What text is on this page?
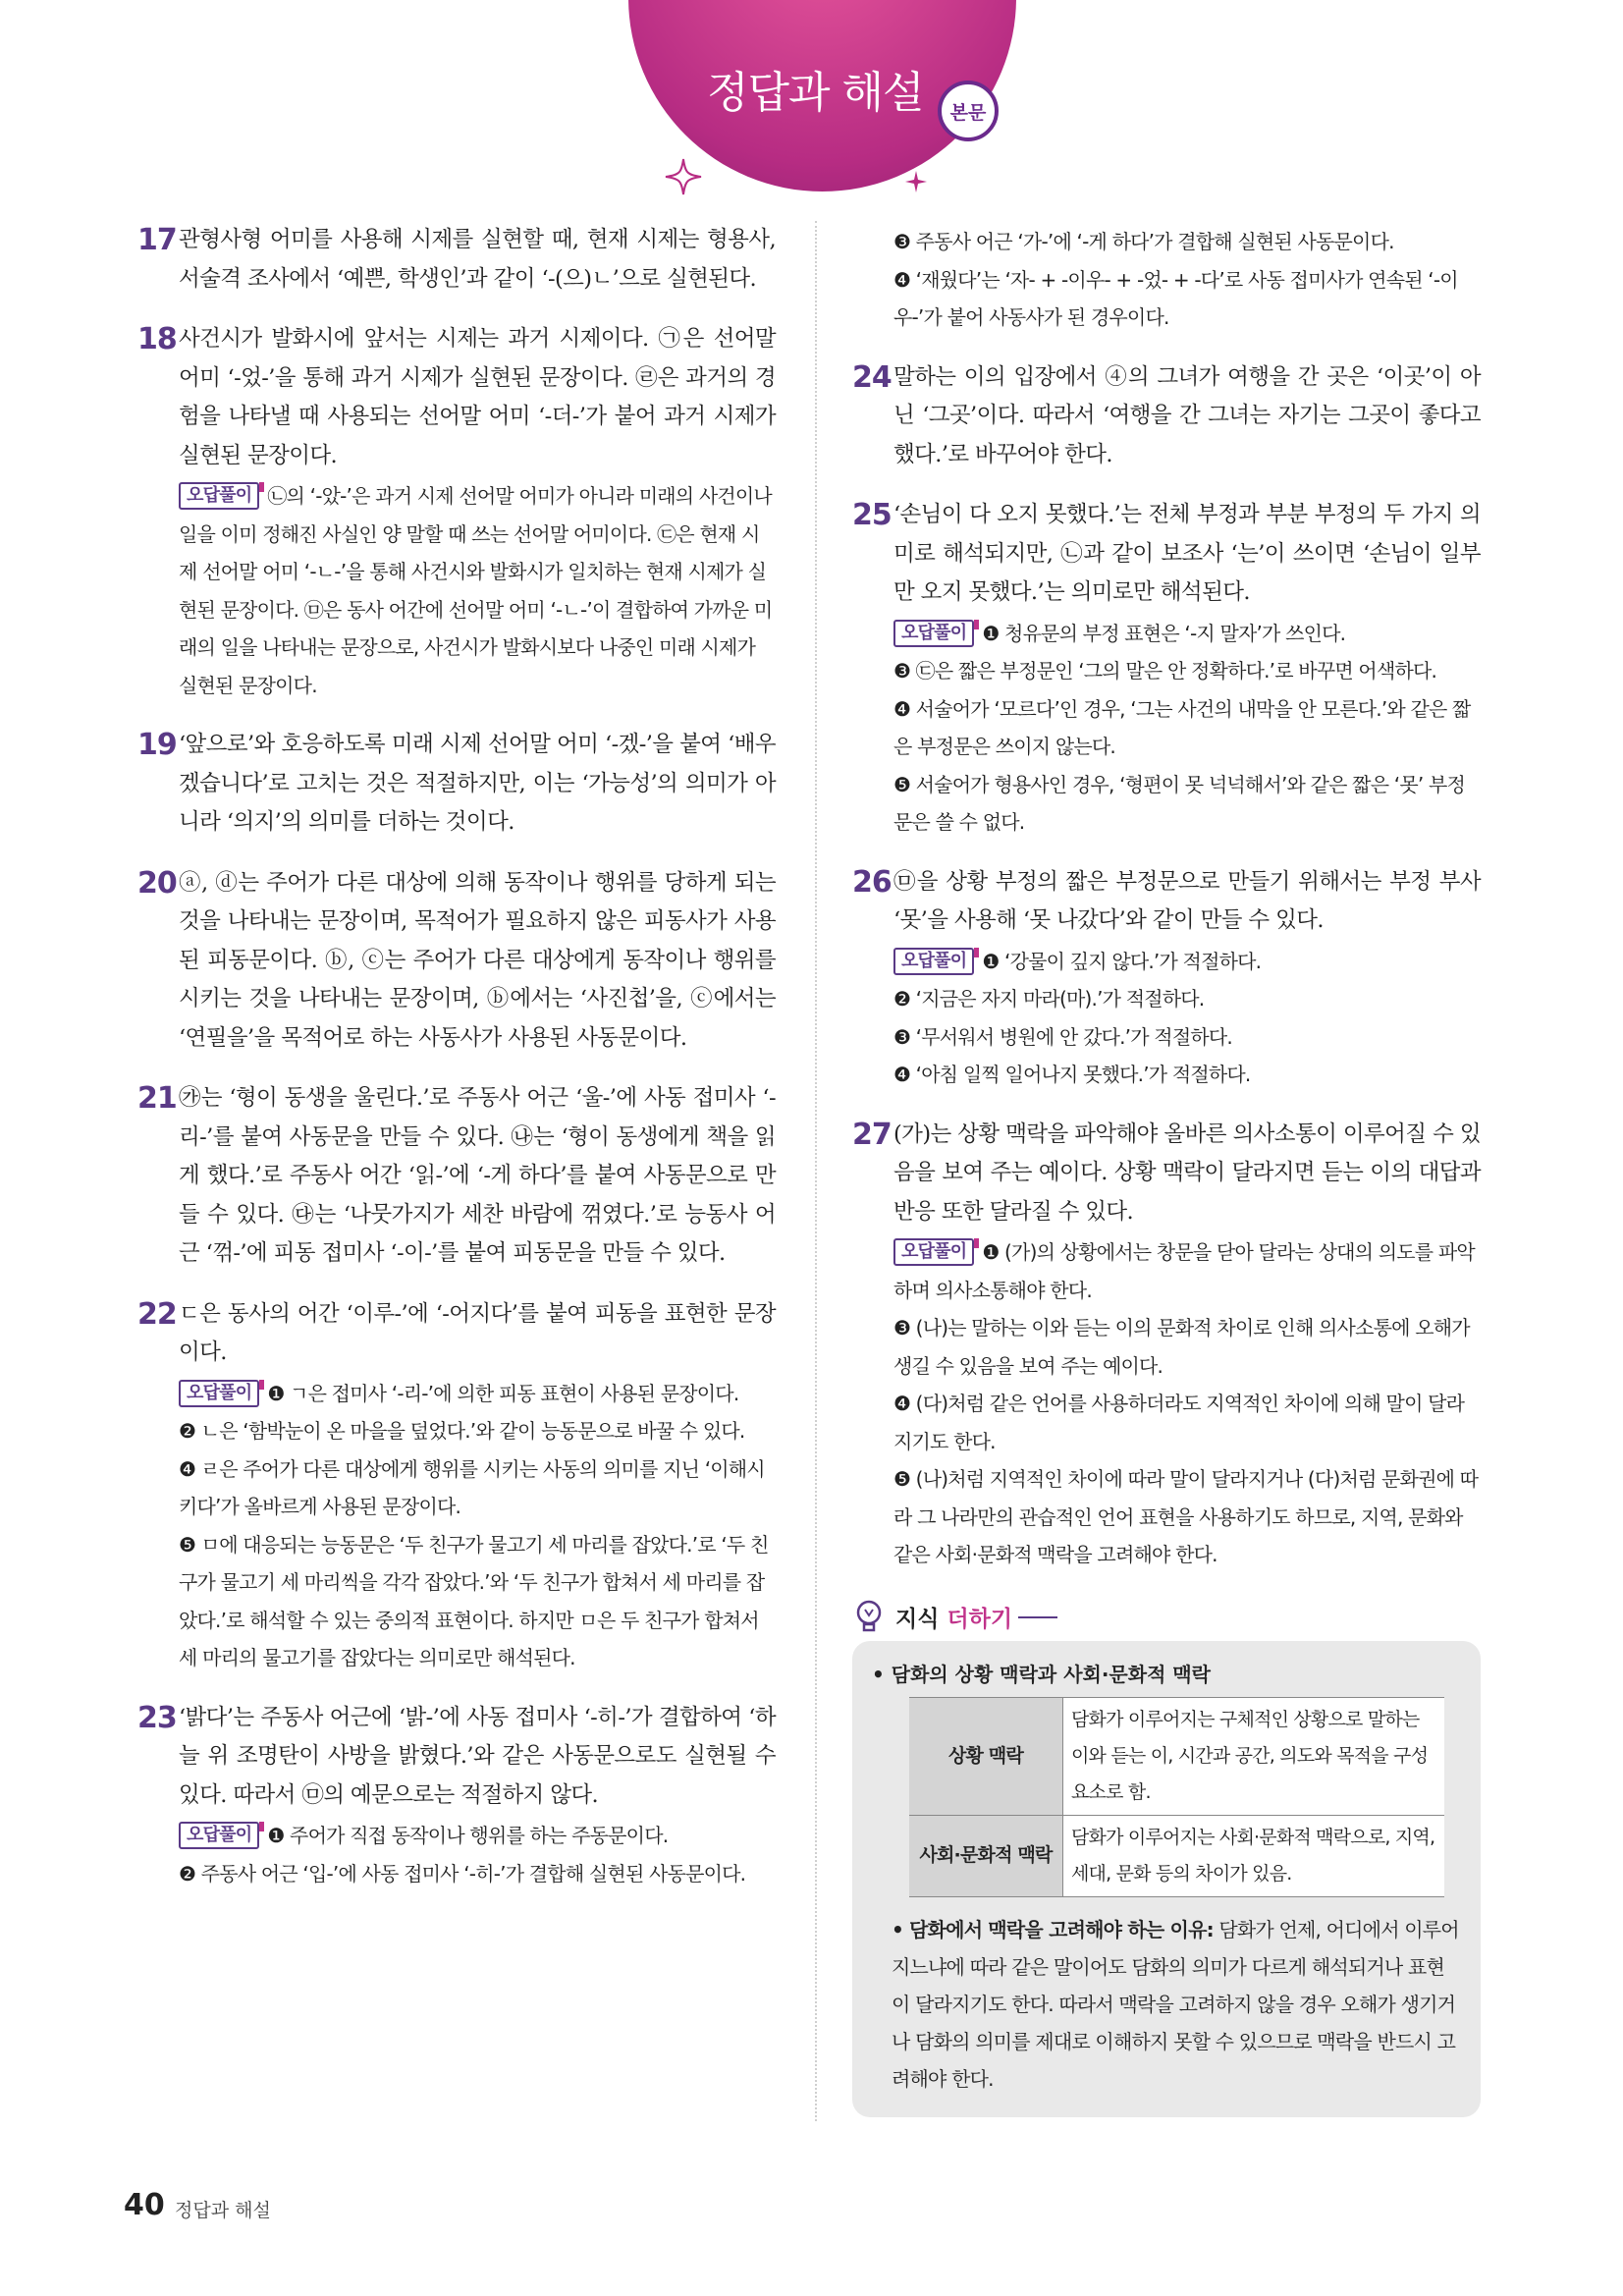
정답과 해설	본문
17 관형사형 어미를 사용해 시제를 실현할 때, 현재 시제는 형용사, 서술격 조사에서 ‘예쁜, 학생인’과 같이 ‘-(으)ㄴ’으로 실현된다.
18 사건시가 발화시에 앞서는 시제는 과거 시제이다. ㉠은 선어말 어미 ‘-었-’을 통해 과거 시제가 실현된 문장이다. ㉣은 과거의 경험을 나타낼 때 사용되는 선어말 어미 ‘-더-’가 붙어 과거 시제가 실현된 문장이다.

오답풀이 ㉡의 ‘-았-’은 과거 시제 선어말 어미가 아니라 미래의 사건이나 일을 이미 정해진 사실인 양 말할 때 쓰는 선어말 어미이다. ㉢은 현재 시제 선어말 어미 ‘-ㄴ-’을 통해 사건시와 발화시가 일치하는 현재 시제가 실현된 문장이다. ㉤은 동사 어간에 선어말 어미 ‘-ㄴ-’이 결합하여 가까운 미래의 일을 나타내는 문장으로, 사건시가 발화시보다 나중인 미래 시제가 실현된 문장이다.

19 ‘앞으로’와 호응하도록 미래 시제 선어말 어미 ‘-겠-’을 붙여 ‘배우겠습니다’로 고치는 것은 적절하지만, 이는 ‘가능성’의 의미가 아니라 ‘의지’의 의미를 더하는 것이다.
20 ⓐ, ⓓ는 주어가 다른 대상에 의해 동작이나 행위를 당하게 되는 것을 나타내는 문장이며, 목적어가 필요하지 않은 피동사가 사용된 피동문이다. ⓑ, ⓒ는 주어가 다른 대상에게 동작이나 행위를 시키는 것을 나타내는 문장이며, ⓑ에서는 ‘사진첩’을, ⓒ에서는 ‘연필을’을 목적어로 하는 사동사가 사용된 사동문이다.
21 ㉮는 ‘형이 동생을 울린다.’로 주동사 어근 ‘울-’에 사동 접미사 ‘-리-’를 붙여 사동문을 만들 수 있다. ㉯는 ‘형이 동생에게 책을 읽게 했다.’로 주동사 어간 ‘읽-’에 ‘-게 하다’를 붙여 사동문으로 만들 수 있다. ㉰는 ‘나뭇가지가 세찬 바람에 꺾였다.’로 능동사 어근 ‘꺾-’에 피동 접미사 ‘-이-’를 붙여 피동문을 만들 수 있다.
22 ㄷ은 동사의 어간 ‘이루-’에 ‘-어지다’를 붙여 피동을 표현한 문장이다.

오답풀이 ❶ ㄱ은 접미사 ‘-리-’에 의한 피동 표현이 사용된 문장이다.

❷ ㄴ은 ‘함박눈이 온 마을을 덮었다.’와 같이 능동문으로 바꿀 수 있다.

❹ ㄹ은 주어가 다른 대상에게 행위를 시키는 사동의 의미를 지닌 ‘이해시키다’가 올바르게 사용된 문장이다.

❺ ㅁ에 대응되는 능동문은 ‘두 친구가 물고기 세 마리를 잡았다.’로 ‘두 친구가 물고기 세 마리씩을 각각 잡았다.’와 ‘두 친구가 합쳐서 세 마리를 잡았다.’로 해석할 수 있는 중의적 표현이다. 하지만 ㅁ은 두 친구가 합쳐서 세 마리의 물고기를 잡았다는 의미로만 해석된다.

23 ‘밝다’는 주동사 어근에 ‘밝-’에 사동 접미사 ‘-히-’가 결합하여 ‘하늘 위 조명탄이 사방을 밝혔다.’와 같은 사동문으로도 실현될 수 있다. 따라서 ㉤의 예문으로는 적절하지 않다.

오답풀이 ❶ 주어가 직접 동작이나 행위를 하는 주동문이다.

❷ 주동사 어근 ‘입-’에 사동 접미사 ‘-히-’가 결합해 실현된 사동문이다.

❸ 주동사 어근 ‘가-’에 ‘-게 하다’가 결합해 실현된 사동문이다.

❹ ‘재웠다’는 ‘자- + -이우- + -었- + -다’로 사동 접미사가 연속된 ‘-이우-’가 붙어 사동사가 된 경우이다.

24 말하는 이의 입장에서 ④의 그녀가 여행을 간 곳은 ‘이곳’이 아닌 ‘그곳’이다. 따라서 ‘여행을 간 그녀는 자기는 그곳이 좋다고 했다.’로 바꾸어야 한다.
25 ‘손님이 다 오지 못했다.’는 전체 부정과 부분 부정의 두 가지 의미로 해석되지만, ㉡과 같이 보조사 ‘는’이 쓰이면 ‘손님이 일부만 오지 못했다.’는 의미로만 해석된다.

오답풀이 ❶ 청유문의 부정 표현은 ‘-지 말자’가 쓰인다.

❸ ㉢은 짧은 부정문인 ‘그의 말은 안 정확하다.’로 바꾸면 어색하다.

❹ 서술어가 ‘모르다’인 경우, ‘그는 사건의 내막을 안 모른다.’와 같은 짧은 부정문은 쓰이지 않는다.

❺ 서술어가 형용사인 경우, ‘형편이 못 넉넉해서’와 같은 짧은 ‘못’ 부정문은 쓸 수 없다.

26 ㉤을 상황 부정의 짧은 부정문으로 만들기 위해서는 부정 부사 ‘못’을 사용해 ‘못 나갔다’와 같이 만들 수 있다.

오답풀이 ❶ ‘강물이 깊지 않다.’가 적절하다.

❷ ‘지금은 자지 마라(마).’가 적절하다.

❸ ‘무서워서 병원에 안 갔다.’가 적절하다.

❹ ‘아침 일찍 일어나지 못했다.’가 적절하다.

27 (가)는 상황 맥락을 파악해야 올바른 의사소통이 이루어질 수 있음을 보여 주는 예이다. 상황 맥락이 달라지면 듣는 이의 대답과 반응 또한 달라질 수 있다.

오답풀이 ❶ (가)의 상황에서는 창문을 닫아 달라는 상대의 의도를 파악하며 의사소통해야 한다.

❸ (나)는 말하는 이와 듣는 이의 문화적 차이로 인해 의사소통에 오해가 생길 수 있음을 보여 주는 예이다.

❹ (다)처럼 같은 언어를 사용하더라도 지역적인 차이에 의해 말이 달라지기도 한다.

❺ (나)처럼 지역적인 차이에 따라 말이 달라지거나 (다)처럼 문화권에 따라 그 나라만의 관습적인 언어 표현을 사용하기도 하므로, 지역, 문화와 같은 사회·문화적 맥락을 고려해야 한다.

지식 더하기

• 담화의 상황 맥락과 사회·문화적 맥락

상황 맥락	담화가 이루어지는 구체적인 상황으로 말하는 이와 듣는 이, 시간과 공간, 의도와 목적을 구성 요소로 함.
사회·문화적 맥락	담화가 이루어지는 사회·문화적 맥락으로, 지역, 세대, 문화 등의 차이가 있음.
• 담화에서 맥락을 고려해야 하는 이유: 담화가 언제, 어디에서 이루어지느냐에 따라 같은 말이어도 담화의 의미가 다르게 해석되거나 표현이 달라지기도 한다. 따라서 맥락을 고려하지 않을 경우 오해가 생기거나 담화의 의미를 제대로 이해하지 못할 수 있으므로 맥락을 반드시 고려해야 한다.
40 정답과 해설
